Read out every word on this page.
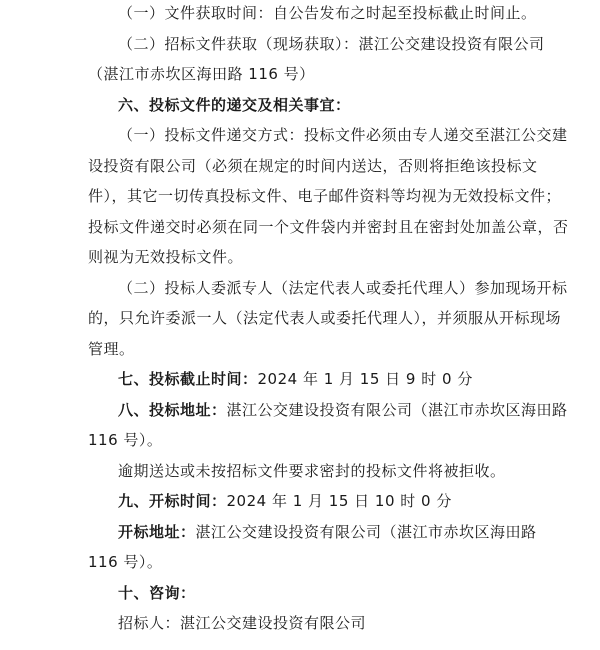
（一）文件获取时间：自公告发布之时起至投标截止时间止。

（二）招标文件获取（现场获取）：湛江公交建设投资有限公司（湛江市赤坎区海田路 116 号）

六、投标文件的递交及相关事宜：

（一）投标文件递交方式：投标文件必须由专人递交至湛江公交建设投资有限公司（必须在规定的时间内送达，否则将拒绝该投标文件），其它一切传真投标文件、电子邮件资料等均视为无效投标文件；投标文件递交时必须在同一个文件袋内并密封且在密封处加盖公章，否则视为无效投标文件。

（二）投标人委派专人（法定代表人或委托代理人）参加现场开标的，只允许委派一人（法定代表人或委托代理人），并须服从开标现场管理。

七、投标截止时间：2024 年 1 月 15 日 9 时 0 分

八、投标地址：湛江公交建设投资有限公司（湛江市赤坎区海田路 116 号）。

逾期送达或未按招标文件要求密封的投标文件将被拒收。

九、开标时间：2024 年 1 月 15 日 10 时 0 分

开标地址：湛江公交建设投资有限公司（湛江市赤坎区海田路 116 号）。

十、咨询：

招标人：湛江公交建设投资有限公司
